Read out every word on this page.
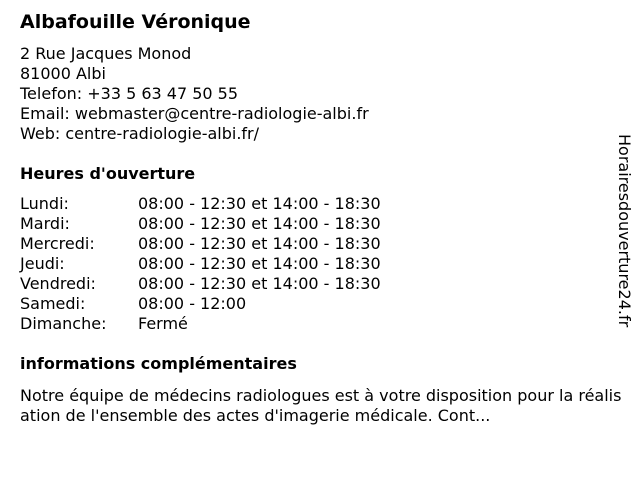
Albafouille Véronique
2 Rue Jacques Monod
81000 Albi
Telefon: +33 5 63 47 50 55
Email: webmaster@centre-radiologie-albi.fr
Web: centre-radiologie-albi.fr/
Heures d'ouverture
Lundi:	08:00 - 12:30 et 14:00 - 18:30
Mardi:	08:00 - 12:30 et 14:00 - 18:30
Mercredi:	08:00 - 12:30 et 14:00 - 18:30
Jeudi:	08:00 - 12:30 et 14:00 - 18:30
Vendredi:	08:00 - 12:30 et 14:00 - 18:30
Samedi:	08:00 - 12:00
Dimanche:	Fermé
informations complémentaires
Notre équipe de médecins radiologues est à votre disposition pour la réalisation de l'ensemble des actes d'imagerie médicale. Cont...
Horairesdouverture24.fr
